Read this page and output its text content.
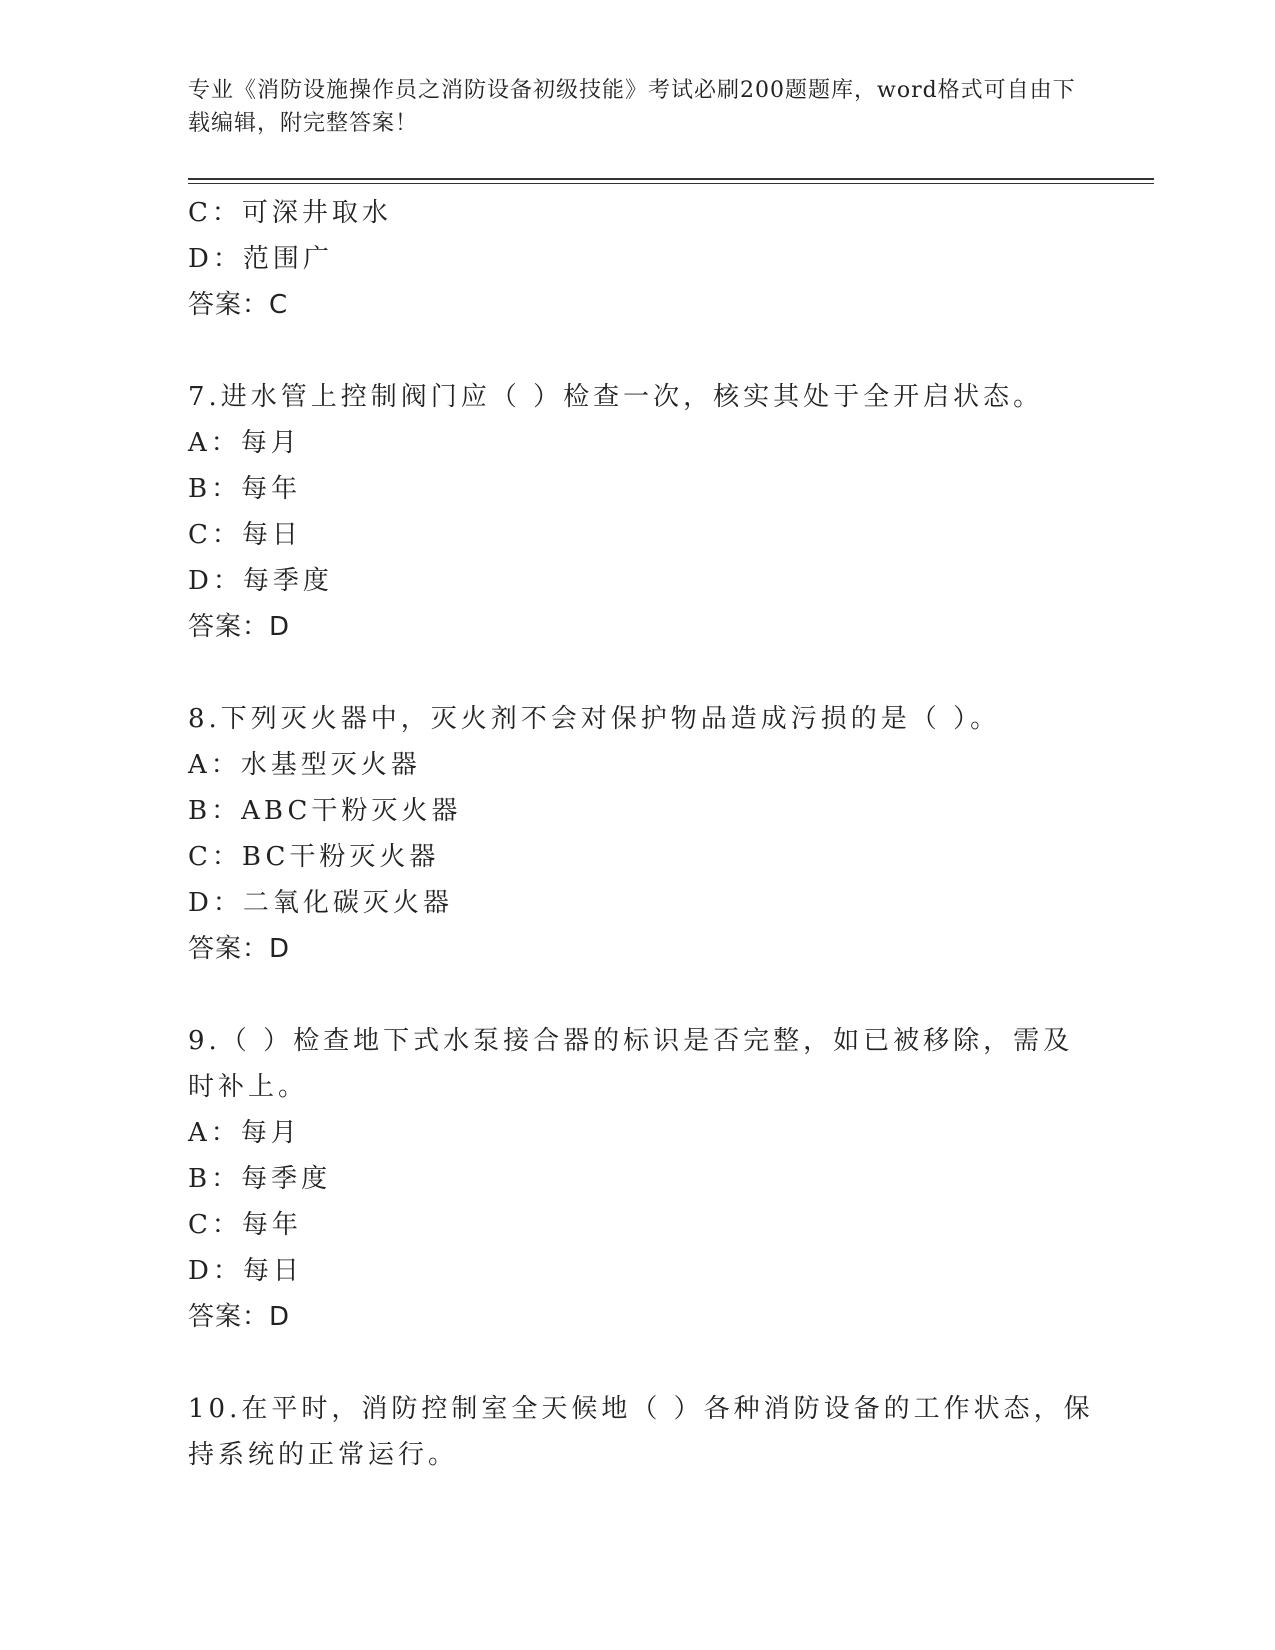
专业《消防设施操作员之消防设备初级技能》考试必刷200题题库，word格式可自由下载编辑，附完整答案！
C：可深井取水
D：范围广
答案：C
7.进水管上控制阀门应（ ）检查一次，核实其处于全开启状态。
A：每月
B：每年
C：每日
D：每季度
答案：D
8.下列灭火器中，灭火剂不会对保护物品造成污损的是（ ）。
A：水基型灭火器
B：ABC干粉灭火器
C：BC干粉灭火器
D：二氧化碳灭火器
答案：D
9.（ ）检查地下式水泵接合器的标识是否完整，如已被移除，需及
时补上。
A：每月
B：每季度
C：每年
D：每日
答案：D
10.在平时，消防控制室全天候地（ ）各种消防设备的工作状态，保
持系统的正常运行。
